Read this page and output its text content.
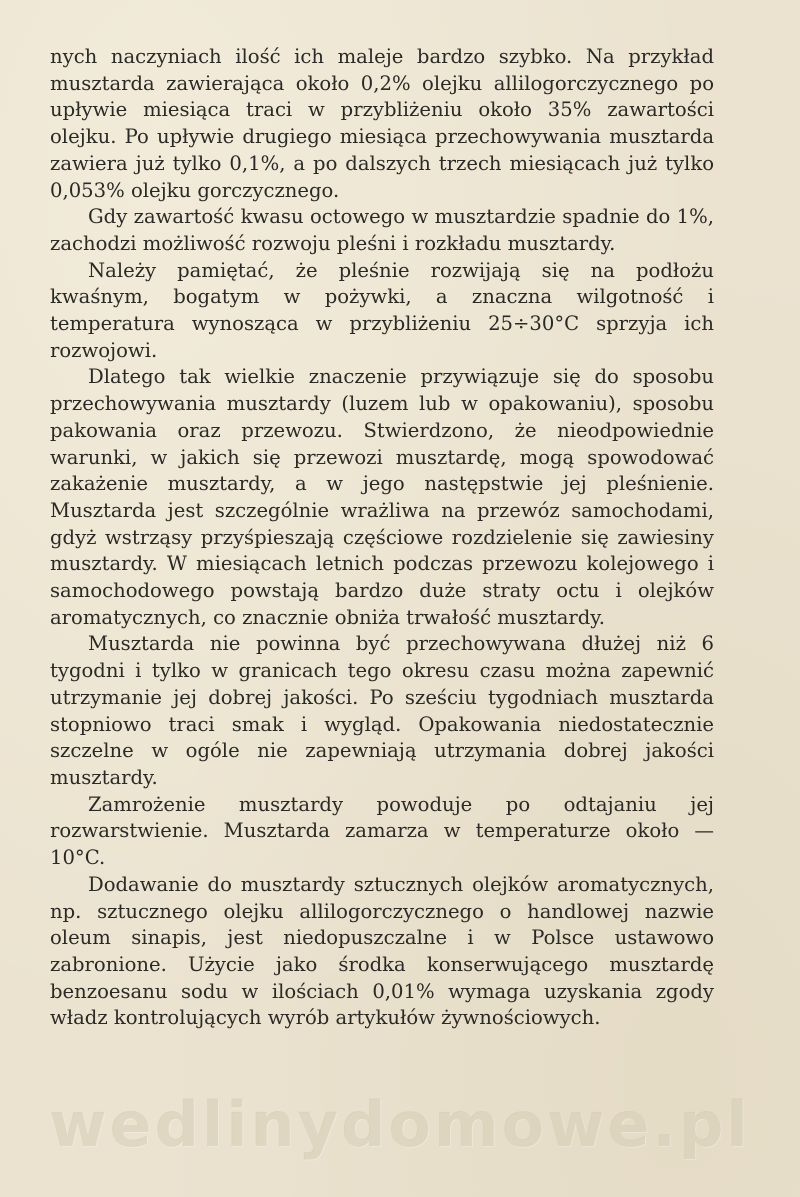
nych naczyniach ilość ich maleje bardzo szybko. Na przykład musztarda zawierająca około 0,2% olejku allilogorczycznego po upływie miesiąca traci w przybliżeniu około 35% zawartości olejku. Po upływie drugiego miesiąca przechowywania musztarda zawiera już tylko 0,1%, a po dalszych trzech miesiącach już tylko 0,053% olejku gorczycznego.

Gdy zawartość kwasu octowego w musztardzie spadnie do 1%, zachodzi możliwość rozwoju pleśni i rozkładu musztardy.

Należy pamiętać, że pleśnie rozwijają się na podłożu kwaśnym, bogatym w pożywki, a znaczna wilgotność i temperatura wynosząca w przybliżeniu 25÷30°C sprzyja ich rozwojowi.

Dlatego tak wielkie znaczenie przywiązuje się do sposobu przechowywania musztardy (luzem lub w opakowaniu), sposobu pakowania oraz przewozu. Stwierdzono, że nieodpowiednie warunki, w jakich się przewozi musztardę, mogą spowodować zakażenie musztardy, a w jego następstwie jej pleśnienie. Musztarda jest szczególnie wrażliwa na przewóz samochodami, gdyż wstrząsy przyśpieszają częściowe rozdzielenie się zawiesiny musztardy. W miesiącach letnich podczas przewozu kolejowego i samochodowego powstają bardzo duże straty octu i olejków aromatycznych, co znacznie obniża trwałość musztardy.

Musztarda nie powinna być przechowywana dłużej niż 6 tygodni i tylko w granicach tego okresu czasu można zapewnić utrzymanie jej dobrej jakości. Po sześciu tygodniach musztarda stopniowo traci smak i wygląd. Opakowania niedostatecznie szczelne w ogóle nie zapewniają utrzymania dobrej jakości musztardy.

Zamrożenie musztardy powoduje po odtajaniu jej rozwarstwienie. Musztarda zamarza w temperaturze około —10°C.

Dodawanie do musztardy sztucznych olejków aromatycznych, np. sztucznego olejku allilogorczycznego o handlowej nazwie oleum sinapis, jest niedopuszczalne i w Polsce ustawowo zabronione. Użycie jako środka konserwującego musztardę benzoesanu sodu w ilościach 0,01% wymaga uzyskania zgody władz kontrolujących wyrób artykułów żywnościowych.

wedlinydomowe.pl
